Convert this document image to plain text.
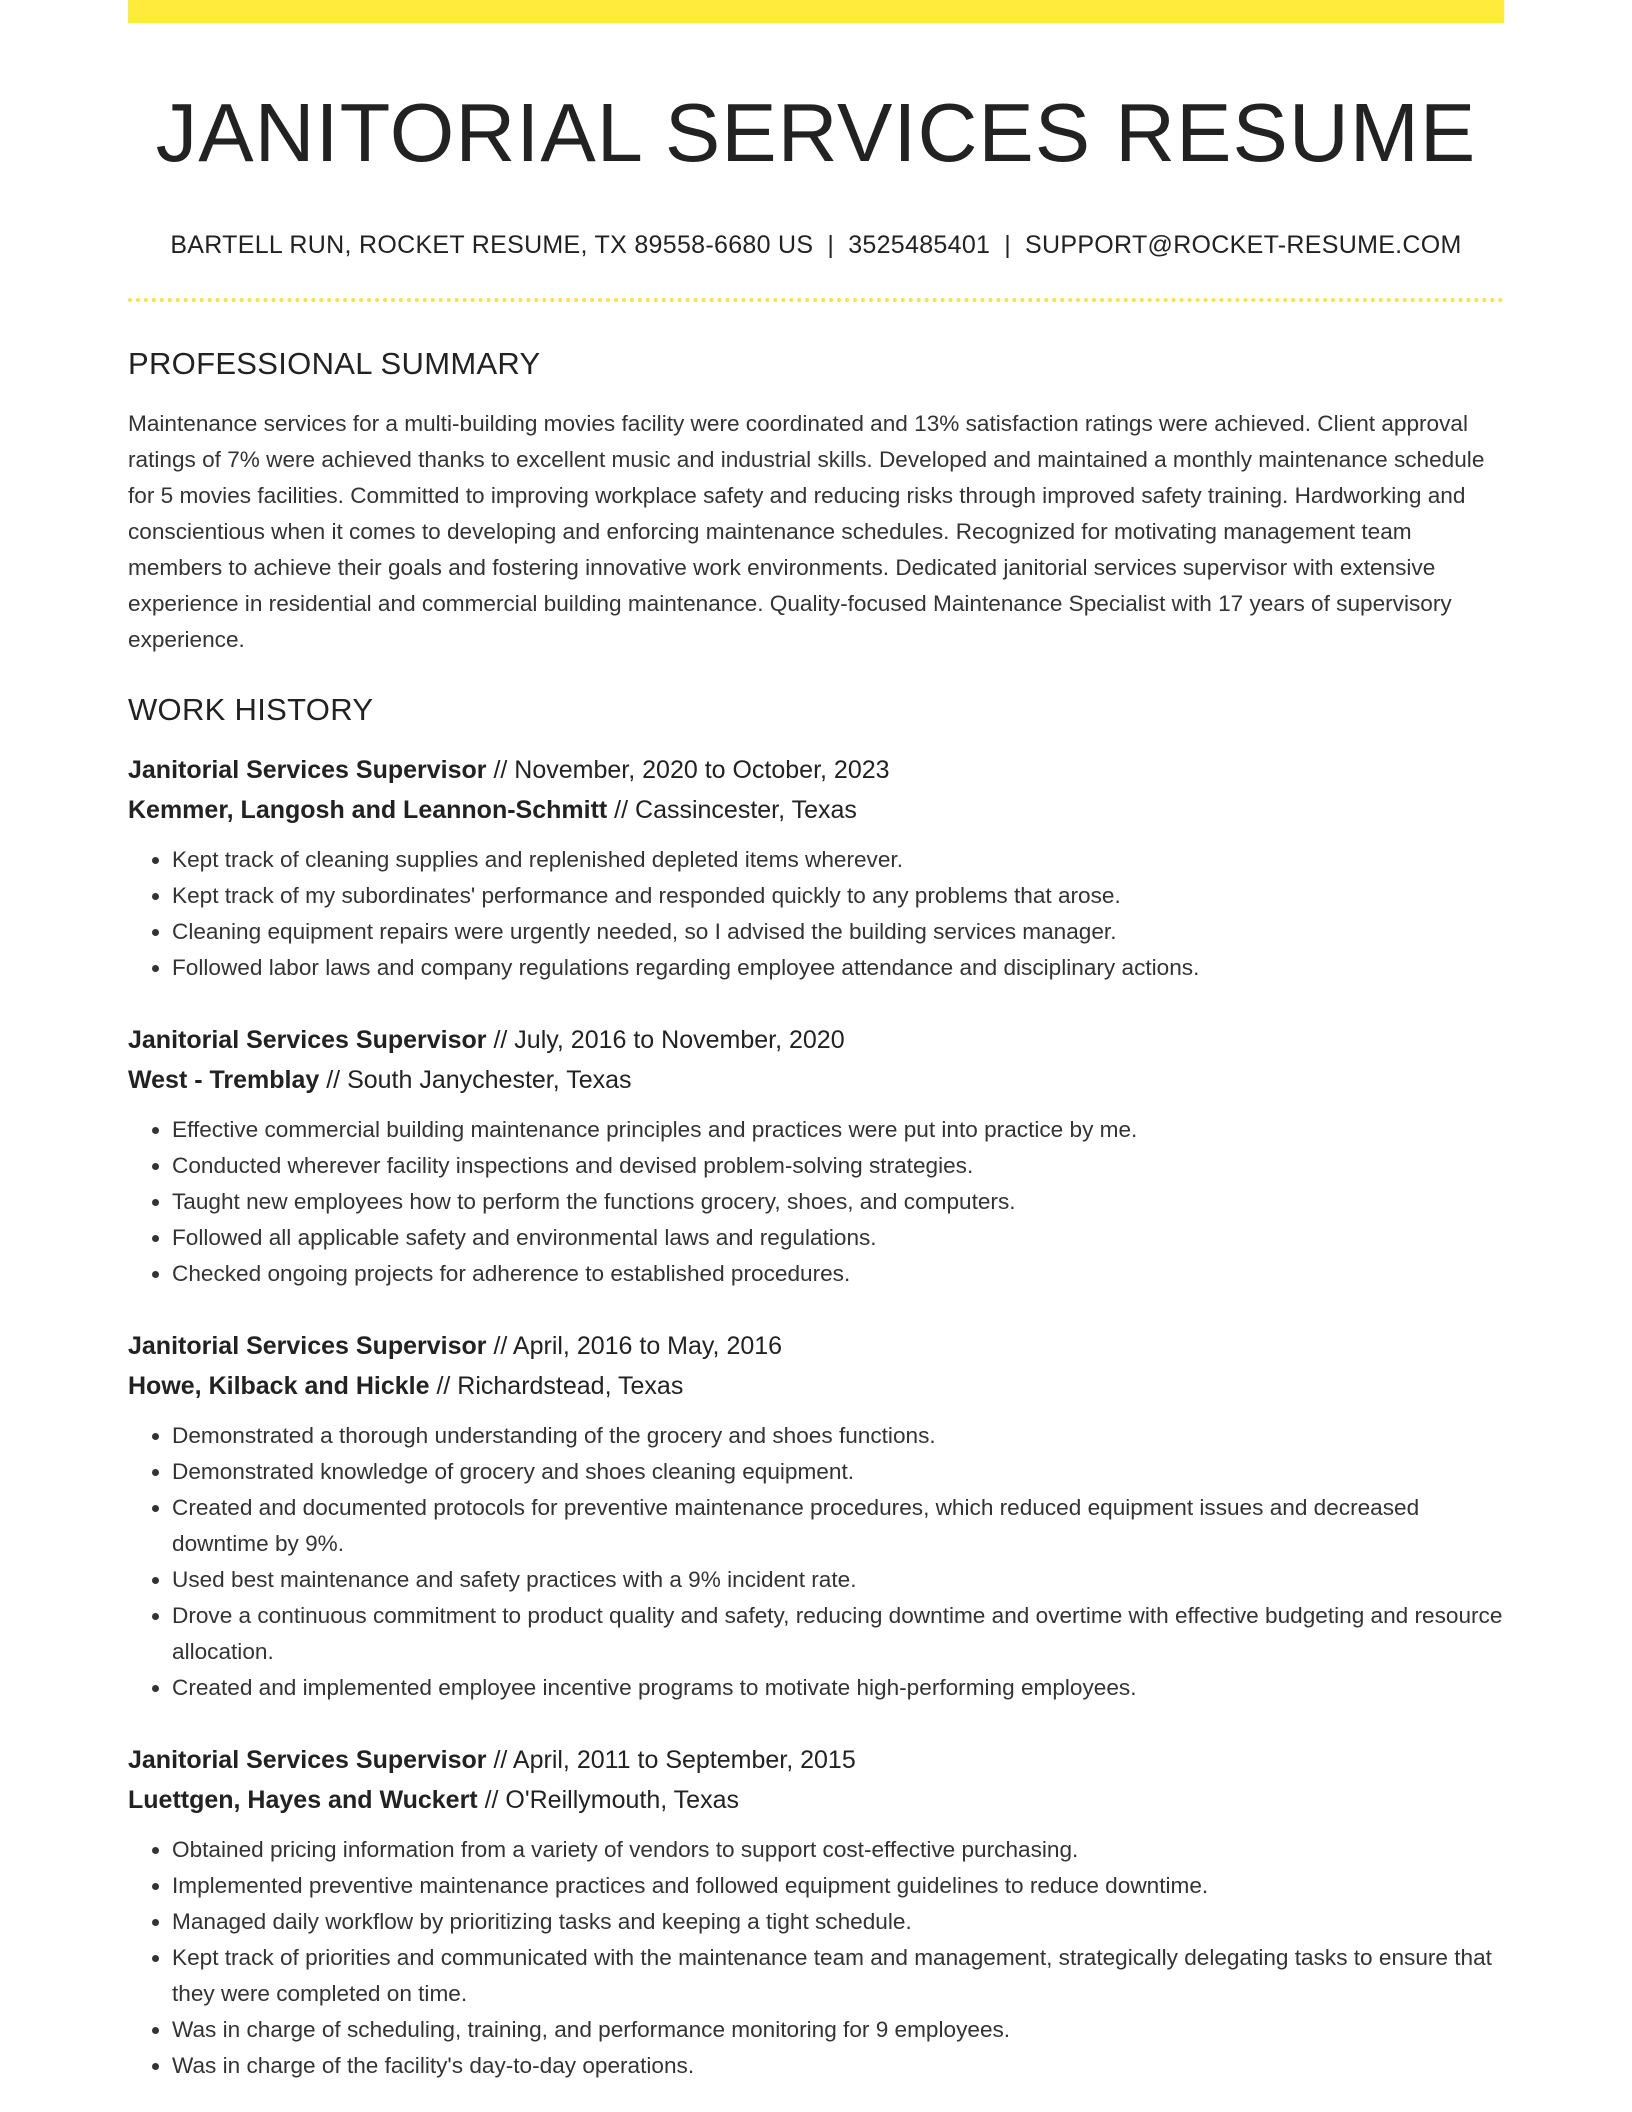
JANITORIAL SERVICES RESUME
BARTELL RUN, ROCKET RESUME, TX 89558-6680 US | 3525485401 | SUPPORT@ROCKET-RESUME.COM
PROFESSIONAL SUMMARY

Maintenance services for a multi-building movies facility were coordinated and 13% satisfaction ratings were achieved. Client approval ratings of 7% were achieved thanks to excellent music and industrial skills. Developed and maintained a monthly maintenance schedule for 5 movies facilities. Committed to improving workplace safety and reducing risks through improved safety training. Hardworking and conscientious when it comes to developing and enforcing maintenance schedules. Recognized for motivating management team members to achieve their goals and fostering innovative work environments. Dedicated janitorial services supervisor with extensive experience in residential and commercial building maintenance. Quality-focused Maintenance Specialist with 17 years of supervisory experience.

WORK HISTORY
Janitorial Services Supervisor // November, 2020 to October, 2023
Kemmer, Langosh and Leannon-Schmitt // Cassincester, Texas
• Kept track of cleaning supplies and replenished depleted items wherever.
• Kept track of my subordinates' performance and responded quickly to any problems that arose.
• Cleaning equipment repairs were urgently needed, so I advised the building services manager.
• Followed labor laws and company regulations regarding employee attendance and disciplinary actions.
Janitorial Services Supervisor // July, 2016 to November, 2020
West - Tremblay // South Janychester, Texas
• Effective commercial building maintenance principles and practices were put into practice by me.
• Conducted wherever facility inspections and devised problem-solving strategies.
• Taught new employees how to perform the functions grocery, shoes, and computers.
• Followed all applicable safety and environmental laws and regulations.
• Checked ongoing projects for adherence to established procedures.
Janitorial Services Supervisor // April, 2016 to May, 2016
Howe, Kilback and Hickle // Richardstead, Texas
• Demonstrated a thorough understanding of the grocery and shoes functions.
• Demonstrated knowledge of grocery and shoes cleaning equipment.
• Created and documented protocols for preventive maintenance procedures, which reduced equipment issues and decreased downtime by 9%.
• Used best maintenance and safety practices with a 9% incident rate.
• Drove a continuous commitment to product quality and safety, reducing downtime and overtime with effective budgeting and resource allocation.
• Created and implemented employee incentive programs to motivate high-performing employees.
Janitorial Services Supervisor // April, 2011 to September, 2015
Luettgen, Hayes and Wuckert // O'Reillymouth, Texas
• Obtained pricing information from a variety of vendors to support cost-effective purchasing.
• Implemented preventive maintenance practices and followed equipment guidelines to reduce downtime.
• Managed daily workflow by prioritizing tasks and keeping a tight schedule.
• Kept track of priorities and communicated with the maintenance team and management, strategically delegating tasks to ensure that they were completed on time.
• Was in charge of scheduling, training, and performance monitoring for 9 employees.
• Was in charge of the facility's day-to-day operations.
